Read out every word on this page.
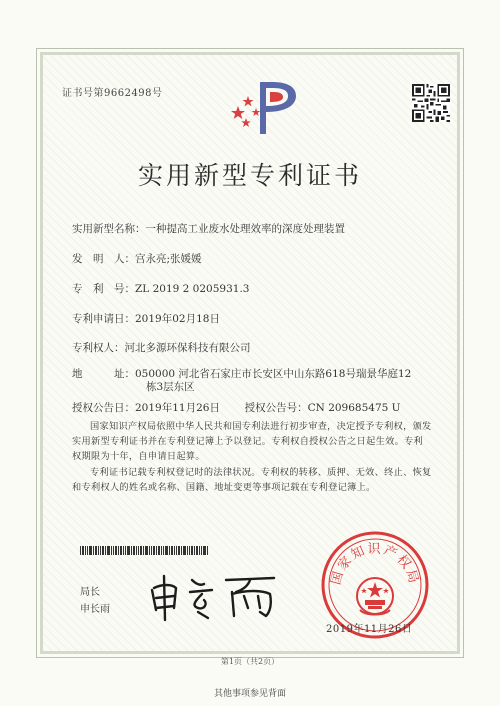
证书号第9662498号
实用新型专利证书
实用新型名称：一种提高工业废水处理效率的深度处理装置
发　明　人：宫永亮;张媛媛
专　利　号：ZL 2019 2 0205931.3
专利申请日：2019年02月18日
专利权人：河北多源环保科技有限公司
地　　　址：050000 河北省石家庄市长安区中山东路618号瑞景华庭12
栋3层东区
授权公告日：2019年11月26日 授权公告号：CN 209685475 U
国家知识产权局依照中华人民共和国专利法进行初步审查，决定授予专利权，颁发实用新型专利证书并在专利登记簿上予以登记。专利权自授权公告之日起生效。专利权期限为十年，自申请日起算。
专利证书记载专利权登记时的法律状况。专利权的转移、质押、无效、终止、恢复和专利权人的姓名或名称、国籍、地址变更等事项记载在专利登记簿上。
局长
申长雨
国家知识产权局
2019年11月26日
第1页（共2页）
其他事项参见背面
